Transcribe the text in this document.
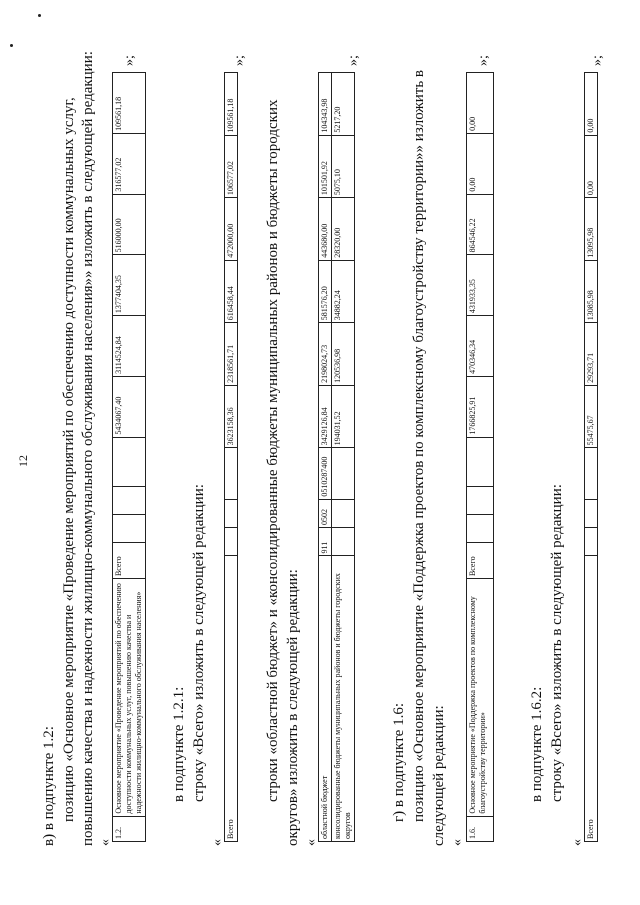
12
в) в подпункте 1.2: позицию «Основное мероприятие «Проведение мероприятий по обеспечению доступности коммунальных услуг, повышению качества и надежности жилищно-коммунального обслуживания населения»» изложить в следующей редакции: «
1.2.	Основное мероприятие «Проведение мероприятий по обеспечению доступности коммунальных услуг, повышению качества и надежности жилищно-коммунального обслуживания населения»	Всего				5434067,40	3114524,84	1377404,35	516000,00	316577,02	109561,18
»;
в подпункте 1.2.1: строку «Всего» изложить в следующей редакции:
«
Всего				3623158,36	2318561,71	616458,44	472000,00	106577,02	109561,18
»;
строки «областной бюджет» и «консолидированные бюджеты муниципальных районов и бюджеты городских округов» изложить в следующей редакции: «
областной бюджет	911	0502	0510287400	3429126,84	2198024,73	581576,20	443680,00	101501,92	104343,98
консолидированные бюджеты муниципальных районов и бюджеты городских округов				194031,52	120536,98	34882,24	28320,00	5075,10	5217,20
»;
г) в подпункте 1.6: позицию «Основное мероприятие «Поддержка проектов по комплексному благоустройству территории»» изложить в следующей редакции: «
1.6.	Основное мероприятие «Поддержка проектов по комплексному благоустройству территории»	Всего				1766825,91	470346,34	431933,35	864546,22	0,00	0,00
»;
в подпункте 1.6.2: строку «Всего» изложить в следующей редакции:
«
Всего				55475,67	29293,71	13085,98	13095,98	0,00	0,00
»;
